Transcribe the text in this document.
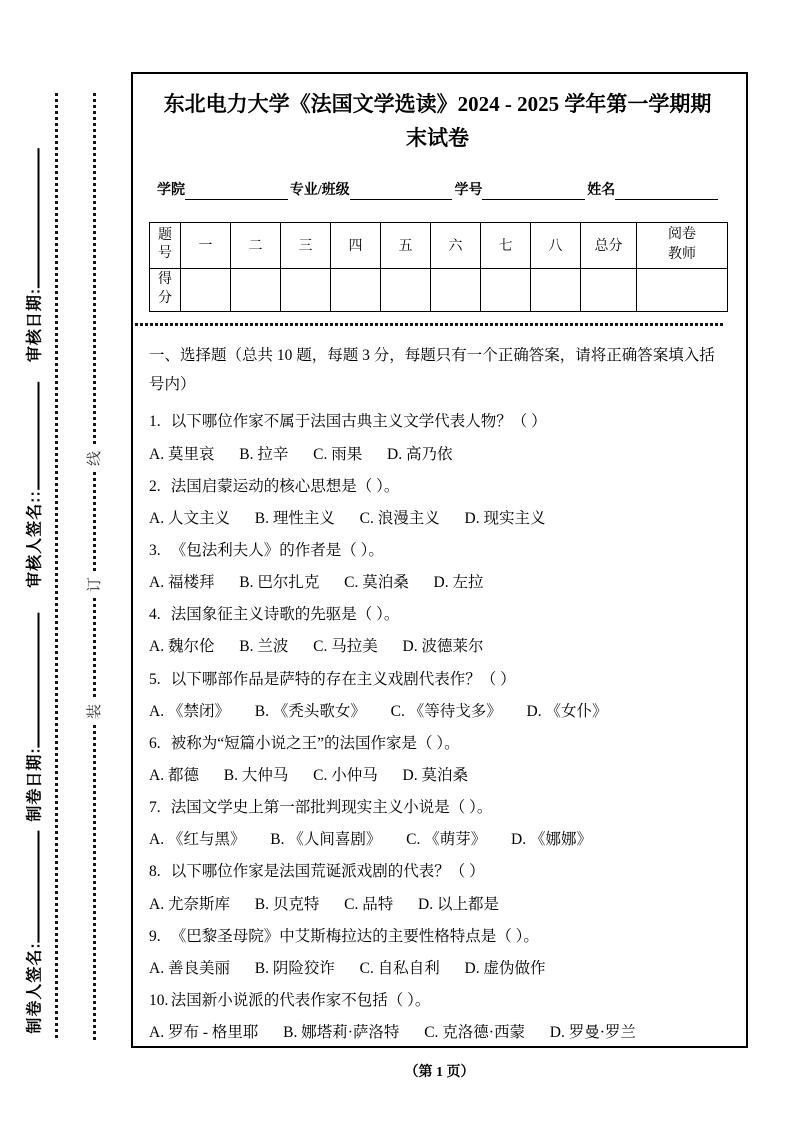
审核日期:
审核人签名::
制卷日期:
制卷人签名:
线
订
装
东北电力大学《法国文学选读》2024 - 2025 学年第一学期期末试卷
学院	专业/班级	学号	姓名
题号	一	二	三	四	五	六	七	八	总分	阅卷教师
得分										
一、选择题（总共 10 题，每题 3 分，每题只有一个正确答案，请将正确答案填入括号内）
1. 以下哪位作家不属于法国古典主义文学代表人物？（ ）
A. 莫里哀 B. 拉辛 C. 雨果 D. 高乃依
2. 法国启蒙运动的核心思想是（ ）。
A. 人文主义 B. 理性主义 C. 浪漫主义 D. 现实主义
3. 《包法利夫人》的作者是（ ）。
A. 福楼拜 B. 巴尔扎克 C. 莫泊桑 D. 左拉
4. 法国象征主义诗歌的先驱是（ ）。
A. 魏尔伦 B. 兰波 C. 马拉美 D. 波德莱尔
5. 以下哪部作品是萨特的存在主义戏剧代表作？（ ）
A. 《禁闭》 B. 《秃头歌女》 C. 《等待戈多》 D. 《女仆》
6. 被称为“短篇小说之王”的法国作家是（ ）。
A. 都德 B. 大仲马 C. 小仲马 D. 莫泊桑
7. 法国文学史上第一部批判现实主义小说是（ ）。
A. 《红与黑》 B. 《人间喜剧》 C. 《萌芽》 D. 《娜娜》
8. 以下哪位作家是法国荒诞派戏剧的代表？（ ）
A. 尤奈斯库 B. 贝克特 C. 品特 D. 以上都是
9. 《巴黎圣母院》中艾斯梅拉达的主要性格特点是（ ）。
A. 善良美丽 B. 阴险狡诈 C. 自私自利 D. 虚伪做作
10. 法国新小说派的代表作家不包括（ ）。
A. 罗布 - 格里耶 B. 娜塔莉·萨洛特 C. 克洛德·西蒙 D. 罗曼·罗兰
（第 1 页）
